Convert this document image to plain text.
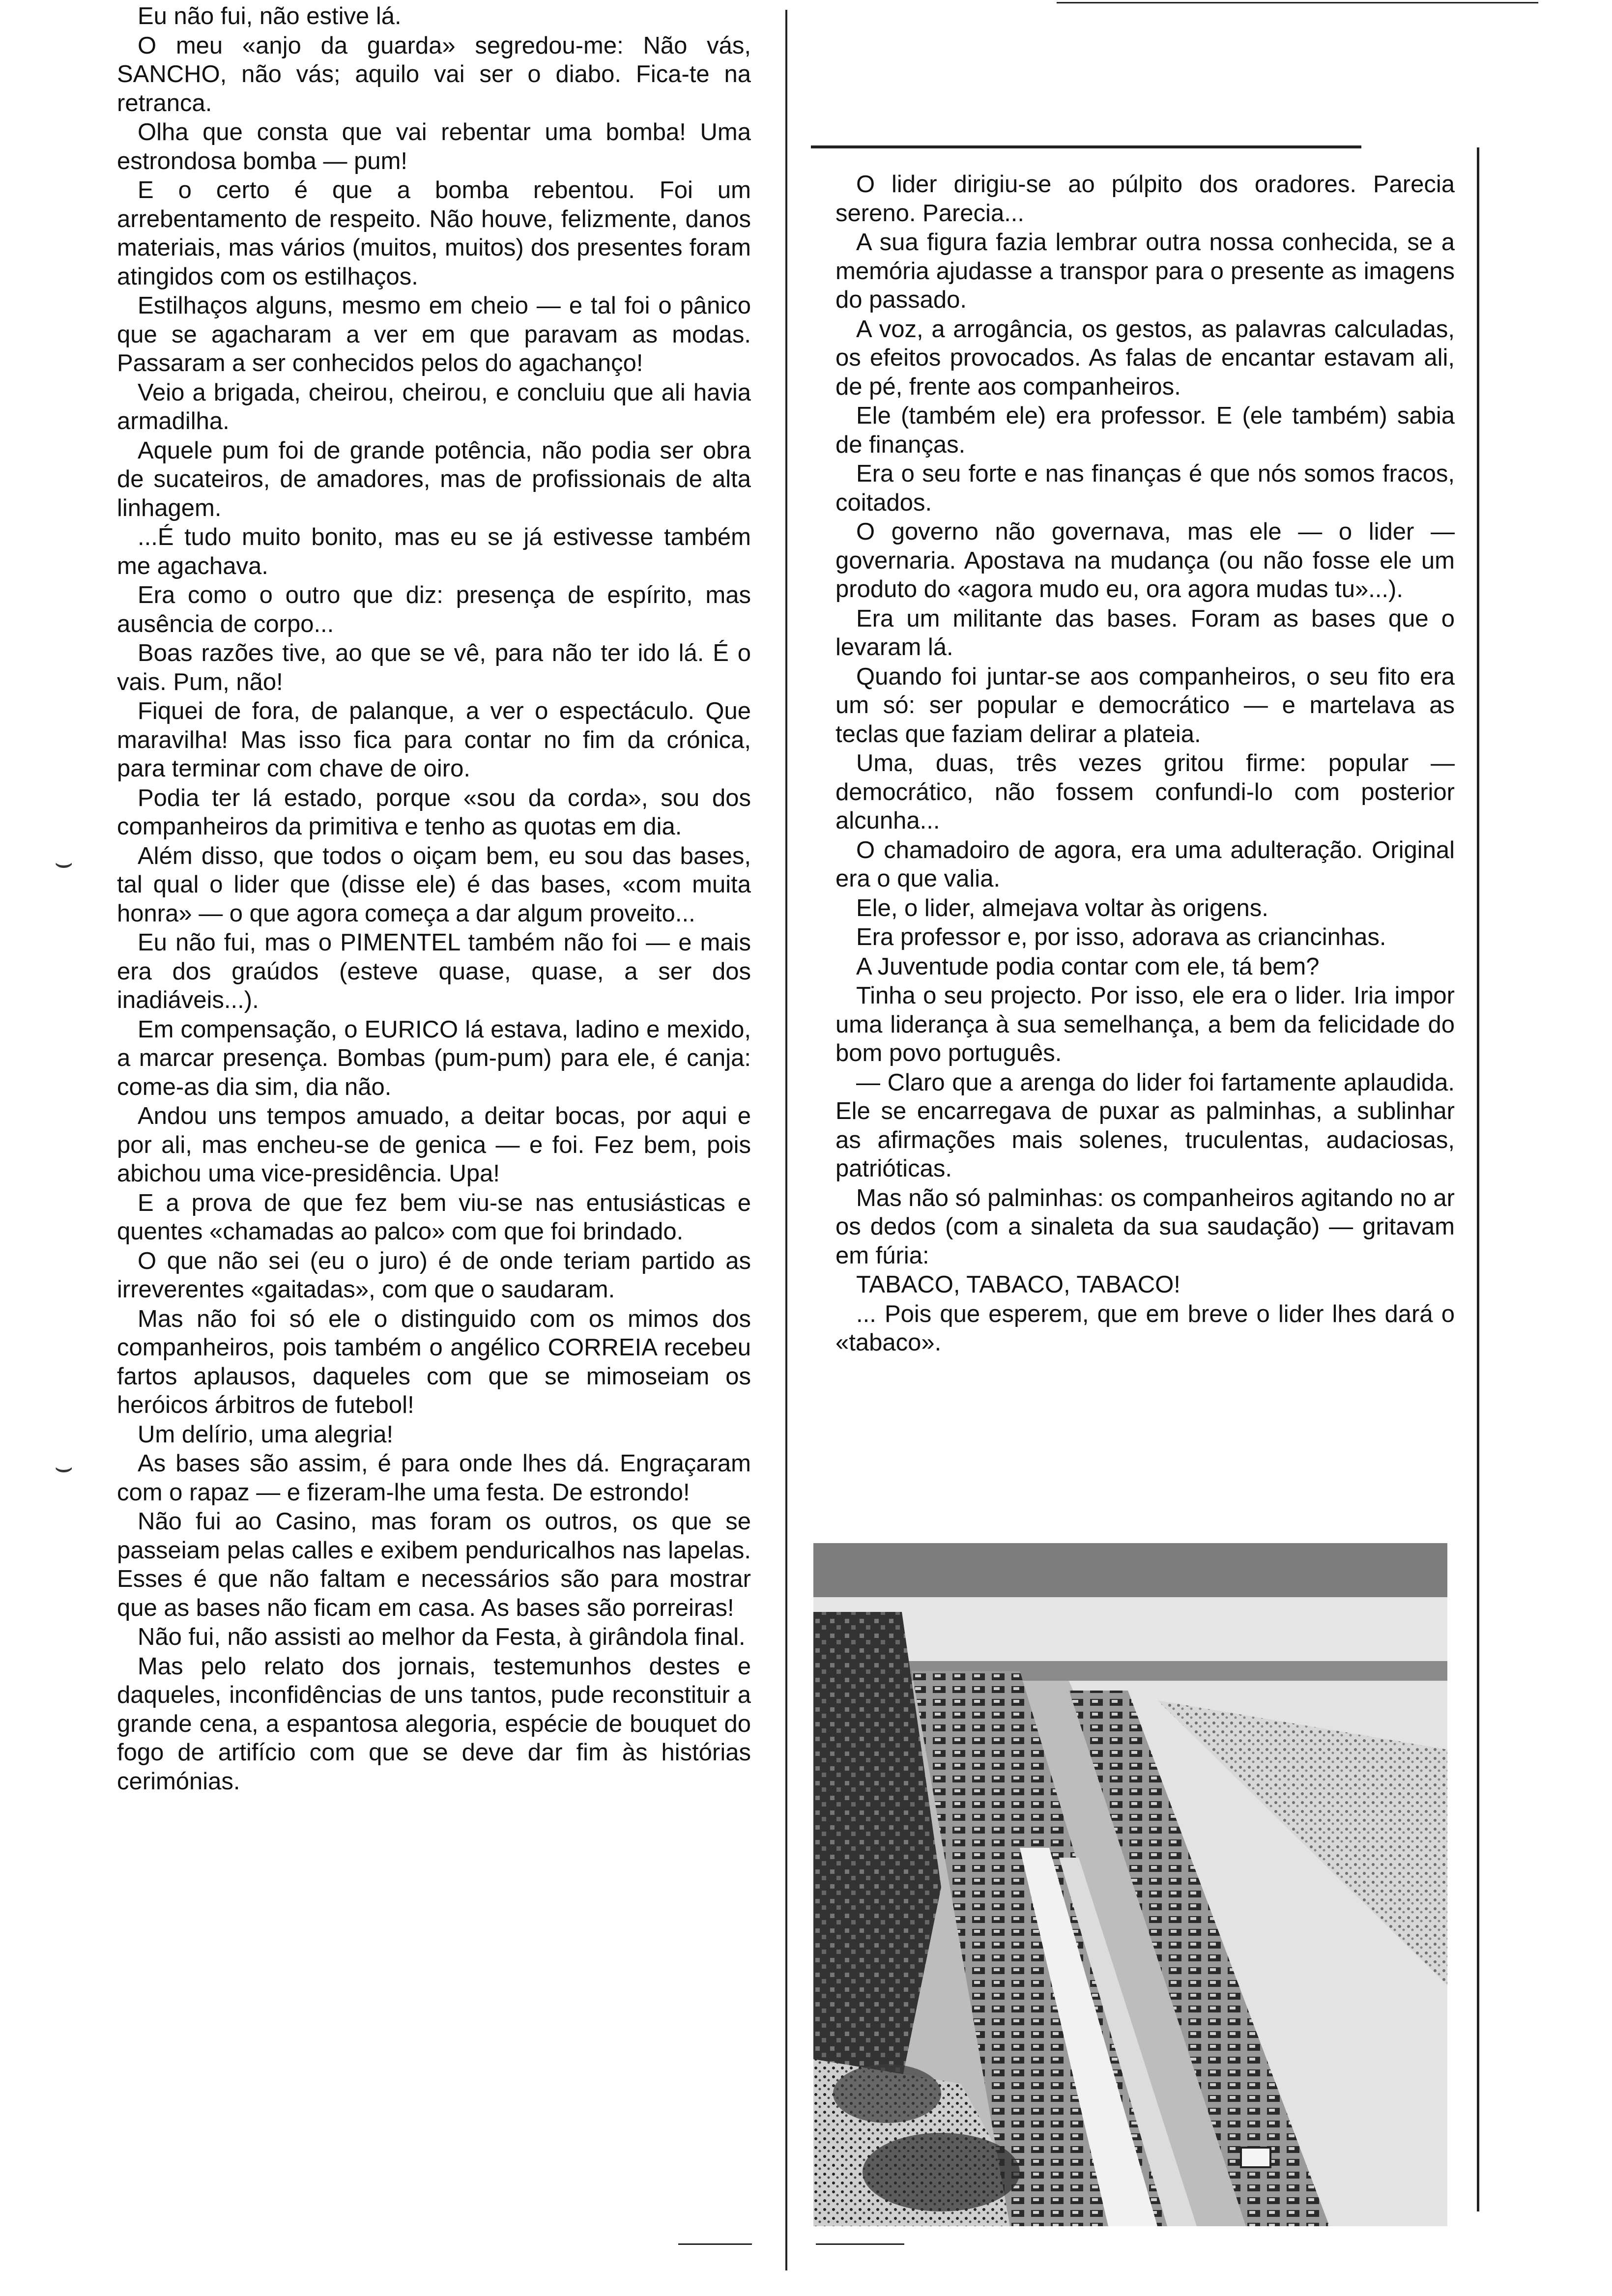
Eu não fui, não estive lá.

O meu «anjo da guarda» segredou-me: Não vás, SANCHO, não vás; aquilo vai ser o diabo. Fica-te na retranca.

Olha que consta que vai rebentar uma bomba! Uma estrondosa bomba — pum!

E o certo é que a bomba rebentou. Foi um arrebentamento de respeito. Não houve, felizmente, danos materiais, mas vários (muitos, muitos) dos presentes foram atingidos com os estilhaços.

Estilhaços alguns, mesmo em cheio — e tal foi o pânico que se agacharam a ver em que paravam as modas. Passaram a ser conhecidos pelos do agachanço!

Veio a brigada, cheirou, cheirou, e concluiu que ali havia armadilha.

Aquele pum foi de grande potência, não podia ser obra de sucateiros, de amadores, mas de profissionais de alta linhagem.

...É tudo muito bonito, mas eu se já estivesse também me agachava.

Era como o outro que diz: presença de espírito, mas ausência de corpo...

Boas razões tive, ao que se vê, para não ter ido lá. É o vais. Pum, não!

Fiquei de fora, de palanque, a ver o espectáculo. Que maravilha! Mas isso fica para contar no fim da crónica, para terminar com chave de oiro.

Podia ter lá estado, porque «sou da corda», sou dos companheiros da primitiva e tenho as quotas em dia.

Além disso, que todos o oiçam bem, eu sou das bases, tal qual o lider que (disse ele) é das bases, «com muita honra» — o que agora começa a dar algum proveito...

Eu não fui, mas o PIMENTEL também não foi — e mais era dos graúdos (esteve quase, quase, a ser dos inadiáveis...).

Em compensação, o EURICO lá estava, ladino e mexido, a marcar presença. Bombas (pum-pum) para ele, é canja: come-as dia sim, dia não.

Andou uns tempos amuado, a deitar bocas, por aqui e por ali, mas encheu-se de genica — e foi. Fez bem, pois abichou uma vice-presidência. Upa!

E a prova de que fez bem viu-se nas entusiásticas e quentes «chamadas ao palco» com que foi brindado.

O que não sei (eu o juro) é de onde teriam partido as irreverentes «gaitadas», com que o saudaram.

Mas não foi só ele o distinguido com os mimos dos companheiros, pois também o angélico CORREIA recebeu fartos aplausos, daqueles com que se mimoseiam os heróicos árbitros de futebol!

Um delírio, uma alegria!

As bases são assim, é para onde lhes dá. Engraçaram com o rapaz — e fizeram-lhe uma festa. De estrondo!

Não fui ao Casino, mas foram os outros, os que se passeiam pelas calles e exibem penduricalhos nas lapelas. Esses é que não faltam e necessários são para mostrar que as bases não ficam em casa. As bases são porreiras!

Não fui, não assisti ao melhor da Festa, à girândola final.

Mas pelo relato dos jornais, testemunhos destes e daqueles, inconfidências de uns tantos, pude reconstituir a grande cena, a espantosa alegoria, espécie de bouquet do fogo de artifício com que se deve dar fim às histórias cerimónias.

O lider dirigiu-se ao púlpito dos oradores. Parecia sereno. Parecia...

A sua figura fazia lembrar outra nossa conhecida, se a memória ajudasse a transpor para o presente as imagens do passado.

A voz, a arrogância, os gestos, as palavras calculadas, os efeitos provocados. As falas de encantar estavam ali, de pé, frente aos companheiros.

Ele (também ele) era professor. E (ele também) sabia de finanças.

Era o seu forte e nas finanças é que nós somos fracos, coitados.

O governo não governava, mas ele — o lider — governaria. Apostava na mudança (ou não fosse ele um produto do «agora mudo eu, ora agora mudas tu»...).

Era um militante das bases. Foram as bases que o levaram lá.

Quando foi juntar-se aos companheiros, o seu fito era um só: ser popular e democrático — e martelava as teclas que faziam delirar a plateia.

Uma, duas, três vezes gritou firme: popular — democrático, não fossem confundi-lo com posterior alcunha...

O chamadoiro de agora, era uma adulteração. Original era o que valia.

Ele, o lider, almejava voltar às origens.

Era professor e, por isso, adorava as criancinhas.

A Juventude podia contar com ele, tá bem?

Tinha o seu projecto. Por isso, ele era o lider. Iria impor uma liderança à sua semelhança, a bem da felicidade do bom povo português.

— Claro que a arenga do lider foi fartamente aplaudida. Ele se encarregava de puxar as palminhas, a sublinhar as afirmações mais solenes, truculentas, audaciosas, patrióticas.

Mas não só palminhas: os companheiros agitando no ar os dedos (com a sinaleta da sua saudação) — gritavam em fúria:

TABACO, TABACO, TABACO!

... Pois que esperem, que em breve o lider lhes dará o «tabaco».

⌣
⌣
